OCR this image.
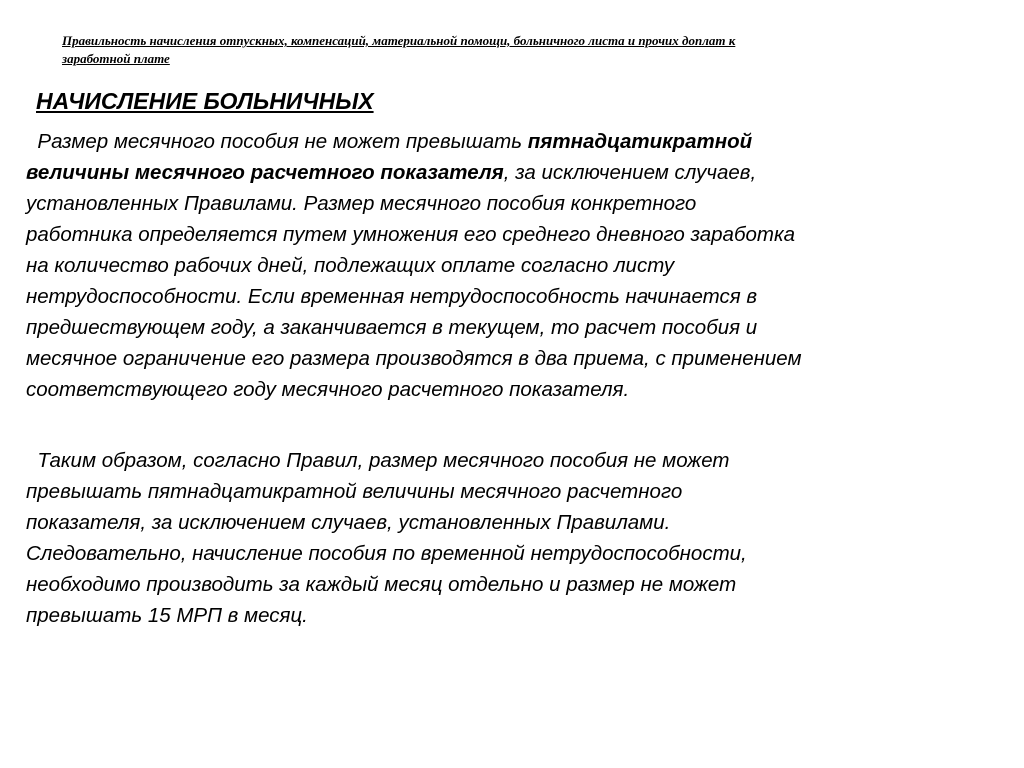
Правильность начисления отпускных, компенсаций, материальной помощи, больничного листа и прочих доплат к
заработной плате
НАЧИСЛЕНИЕ БОЛЬНИЧНЫХ

Размер месячного пособия не может превышать пятнадцатикратной
величины месячного расчетного показателя, за исключением случаев,
установленных Правилами. Размер месячного пособия конкретного
работника определяется путем умножения его среднего дневного заработка
на количество рабочих дней, подлежащих оплате согласно листу
нетрудоспособности. Если временная нетрудоспособность начинается в
предшествующем году, а заканчивается в текущем, то расчет пособия и
месячное ограничение его размера производятся в два приема, с применением
соответствующего году месячного расчетного показателя.

Таким образом, согласно Правил, размер месячного пособия не может
превышать пятнадцатикратной величины месячного расчетного
показателя, за исключением случаев, установленных Правилами.
Следовательно, начисление пособия по временной нетрудоспособности,
необходимо производить за каждый месяц отдельно и размер не может
превышать 15 МРП в месяц.
